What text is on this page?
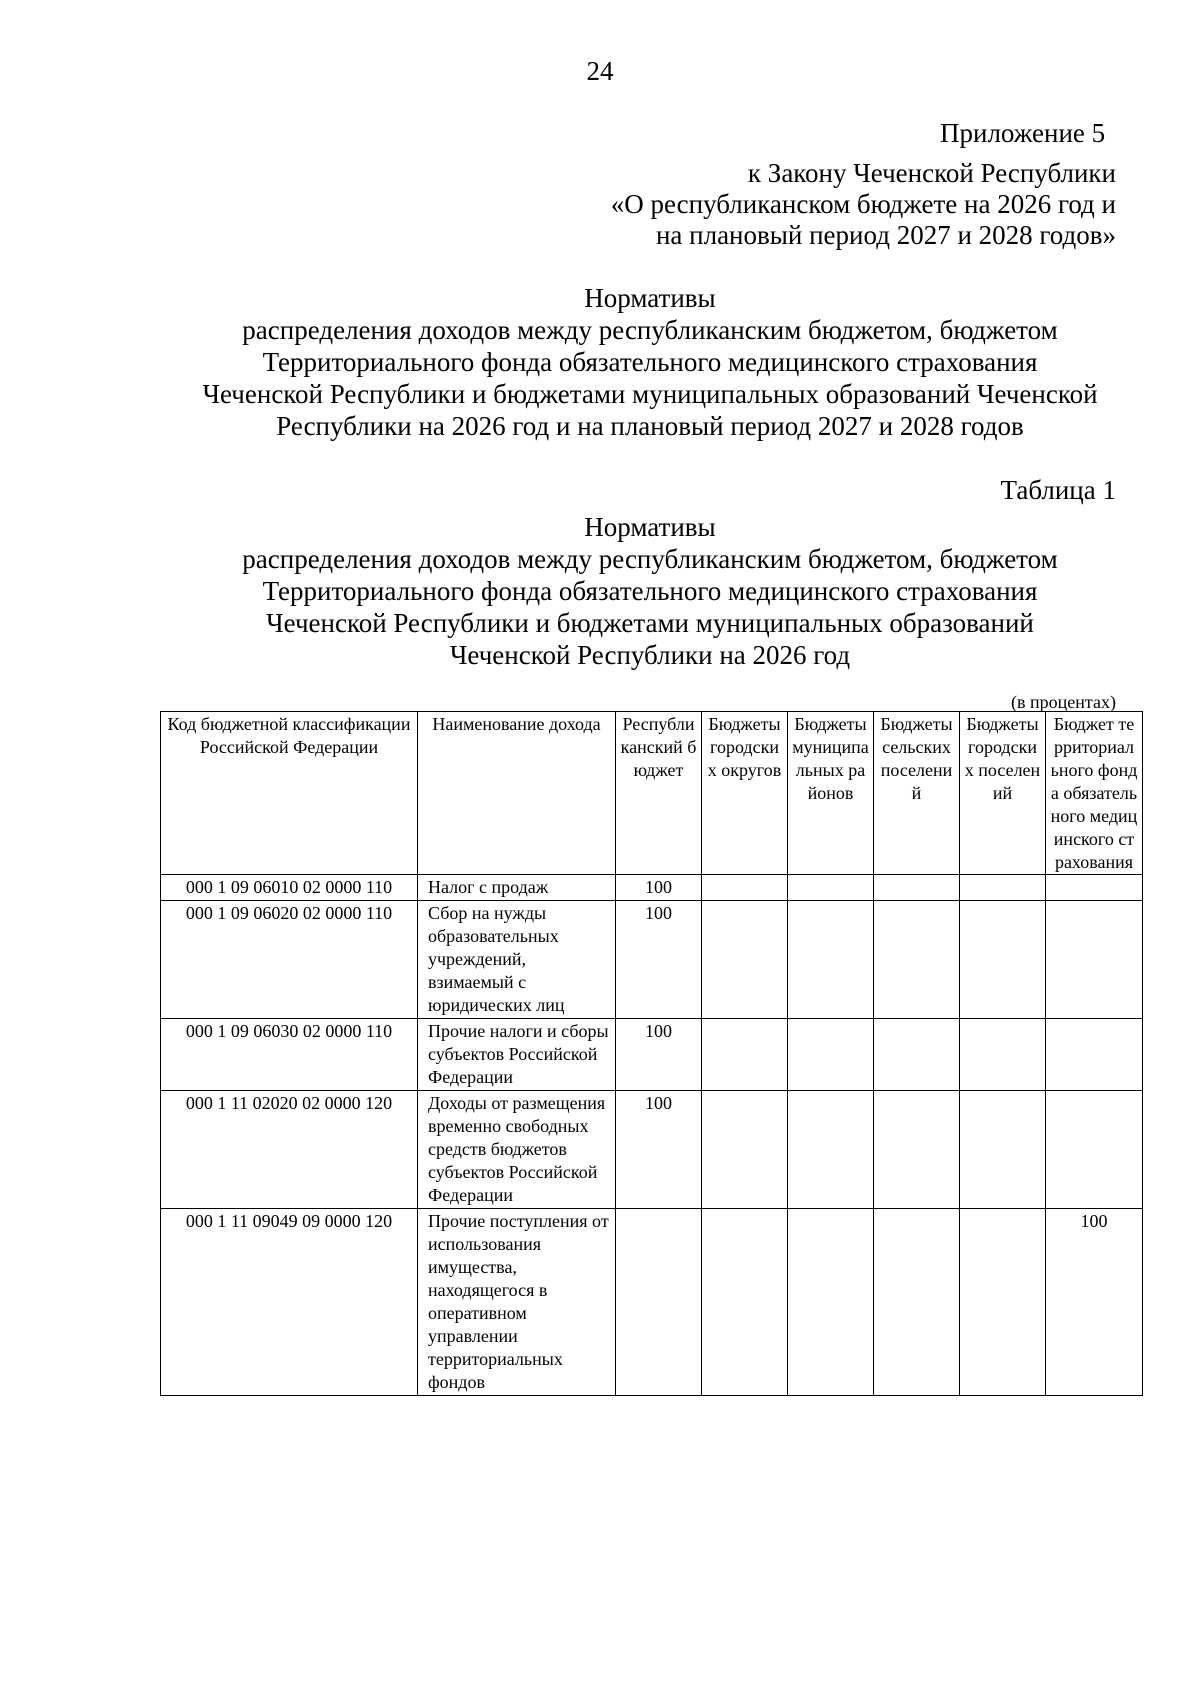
24
Приложение 5
к Закону Чеченской Республики
«О республиканском бюджете на 2026 год и
на плановый период 2027 и 2028 годов»
Нормативы
распределения доходов между республиканским бюджетом, бюджетом
Территориального фонда обязательного медицинского страхования
Чеченской Республики и бюджетами муниципальных образований Чеченской
Республики на 2026 год и на плановый период 2027 и 2028 годов
Таблица 1
Нормативы
распределения доходов между республиканским бюджетом, бюджетом
Территориального фонда обязательного медицинского страхования
Чеченской Республики и бюджетами муниципальных образований
Чеченской Республики на 2026 год
(в процентах)
Код бюджетной классификации Российской Федерации	Наименование дохода	Республиканский бюджет	Бюджеты городских округов	Бюджеты муниципальных районов	Бюджеты сельских поселений	Бюджеты городских поселений	Бюджет территориального фонда обязательного медицинского страхования
000 1 09 06010 02 0000 110	Налог с продаж	100					
000 1 09 06020 02 0000 110	Сбор на нужды образовательных учреждений, взимаемый с юридических лиц	100					
000 1 09 06030 02 0000 110	Прочие налоги и сборы субъектов Российской Федерации	100					
000 1 11 02020 02 0000 120	Доходы от размещения временно свободных средств бюджетов субъектов Российской Федерации	100					
000 1 11 09049 09 0000 120	Прочие поступления от использования имущества, находящегося в оперативном управлении территориальных фондов						100
